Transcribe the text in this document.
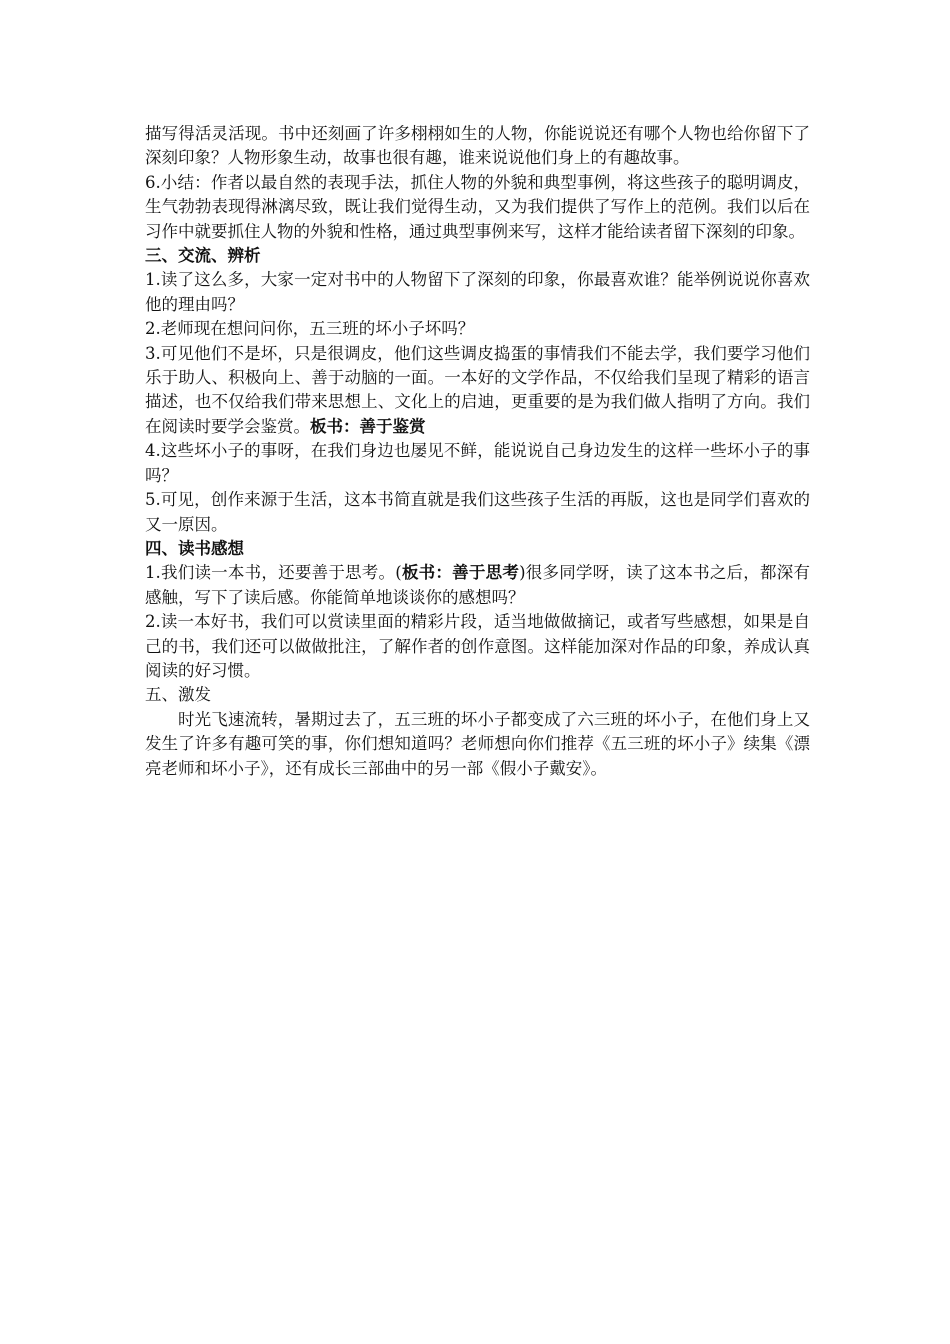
描写得活灵活现。书中还刻画了许多栩栩如生的人物，你能说说还有哪个人物也给你留下了深刻印象？人物形象生动，故事也很有趣，谁来说说他们身上的有趣故事。

6.小结：作者以最自然的表现手法，抓住人物的外貌和典型事例，将这些孩子的聪明调皮，生气勃勃表现得淋漓尽致，既让我们觉得生动，又为我们提供了写作上的范例。我们以后在习作中就要抓住人物的外貌和性格，通过典型事例来写，这样才能给读者留下深刻的印象。

三、交流、辨析

1.读了这么多，大家一定对书中的人物留下了深刻的印象，你最喜欢谁？能举例说说你喜欢他的理由吗？

2.老师现在想问问你，五三班的坏小子坏吗？

3.可见他们不是坏，只是很调皮，他们这些调皮捣蛋的事情我们不能去学，我们要学习他们乐于助人、积极向上、善于动脑的一面。一本好的文学作品，不仅给我们呈现了精彩的语言描述，也不仅给我们带来思想上、文化上的启迪，更重要的是为我们做人指明了方向。我们在阅读时要学会鉴赏。板书：善于鉴赏

4.这些坏小子的事呀，在我们身边也屡见不鲜，能说说自己身边发生的这样一些坏小子的事吗？

5.可见，创作来源于生活，这本书简直就是我们这些孩子生活的再版，这也是同学们喜欢的又一原因。

四、读书感想

1.我们读一本书，还要善于思考。(板书：善于思考)很多同学呀，读了这本书之后，都深有感触，写下了读后感。你能简单地谈谈你的感想吗？

2.读一本好书，我们可以赏读里面的精彩片段，适当地做做摘记，或者写些感想，如果是自己的书，我们还可以做做批注，了解作者的创作意图。这样能加深对作品的印象，养成认真阅读的好习惯。

五、激发

时光飞速流转，暑期过去了，五三班的坏小子都变成了六三班的坏小子，在他们身上又发生了许多有趣可笑的事，你们想知道吗？老师想向你们推荐《五三班的坏小子》续集《漂亮老师和坏小子》，还有成长三部曲中的另一部《假小子戴安》。
